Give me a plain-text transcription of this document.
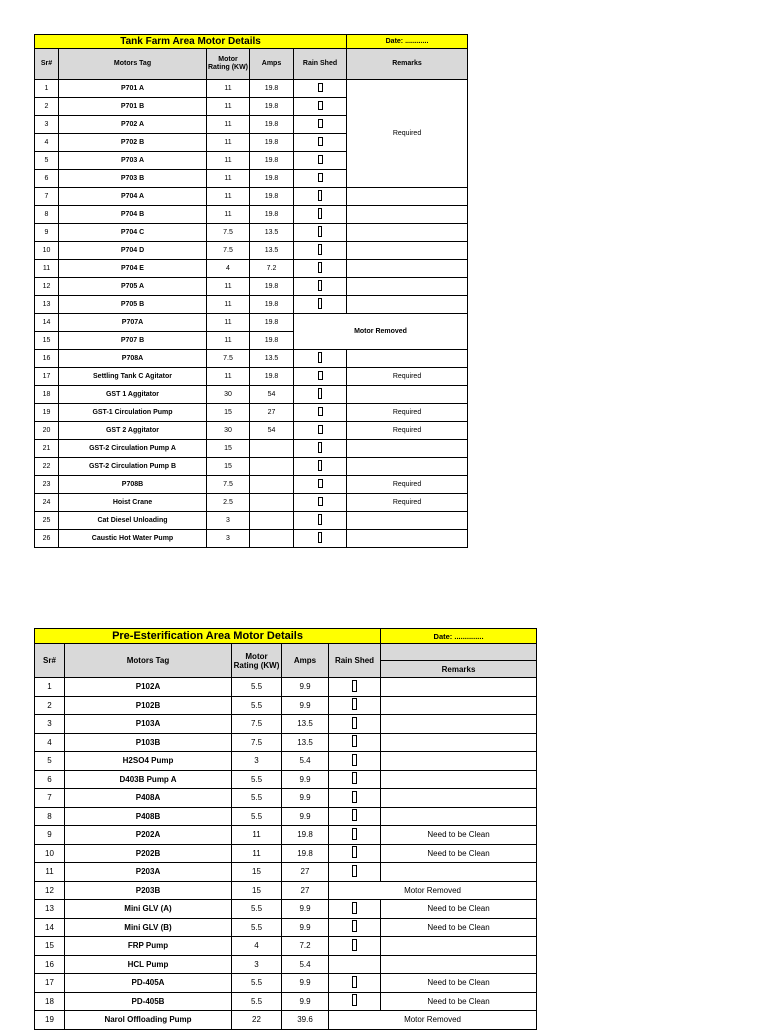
Tank Farm Area Motor Details					Date: ............
Sr#	Motors Tag	Motor Rating (KW)	Amps	Rain Shed	Remarks
1	P701 A	11	19.8		Required
2	P701 B	11	19.8		
3	P702 A	11	19.8		
4	P702 B	11	19.8		
5	P703 A	11	19.8		
6	P703 B	11	19.8		
7	P704 A	11	19.8		
8	P704 B	11	19.8		
9	P704 C	7.5	13.5		
10	P704 D	7.5	13.5		
11	P704 E	4	7.2		
12	P705 A	11	19.8		
13	P705 B	11	19.8		
14	P707A	11	19.8	Motor Removed	
15	P707 B	11	19.8		
16	P708A	7.5	13.5		
17	Settling Tank C Agitator	11	19.8		Required
18	GST 1 Aggitator	30	54		
19	GST-1 Circulation Pump	15	27		Required
20	GST 2 Aggitator	30	54		Required
21	GST-2 Circulation Pump A	15			
22	GST-2 Circulation Pump B	15			
23	P708B	7.5			Required
24	Hoist Crane	2.5			Required
25	Cat Diesel Unloading	3			
26	Caustic Hot Water Pump	3			
Pre-Esterification Area Motor Details					Date: ..............
Sr#	Motors Tag	Motor Rating (KW)	Amps	Rain Shed	
					Remarks
1	P102A	5.5	9.9		
2	P102B	5.5	9.9		
3	P103A	7.5	13.5		
4	P103B	7.5	13.5		
5	H2SO4 Pump	3	5.4		
6	D403B Pump A	5.5	9.9		
7	P408A	5.5	9.9		
8	P408B	5.5	9.9		
9	P202A	11	19.8		Need to be Clean
10	P202B	11	19.8		Need to be Clean
11	P203A	15	27		
12	P203B	15	27	Motor Removed	
13	Mini GLV (A)	5.5	9.9		Need to be Clean
14	Mini GLV (B)	5.5	9.9		Need to be Clean
15	FRP Pump	4	7.2		
16	HCL Pump	3	5.4		
17	PD-405A	5.5	9.9		Need to be Clean
18	PD-405B	5.5	9.9		Need to be Clean
19	Narol Offloading Pump	22	39.6	Motor Removed	
